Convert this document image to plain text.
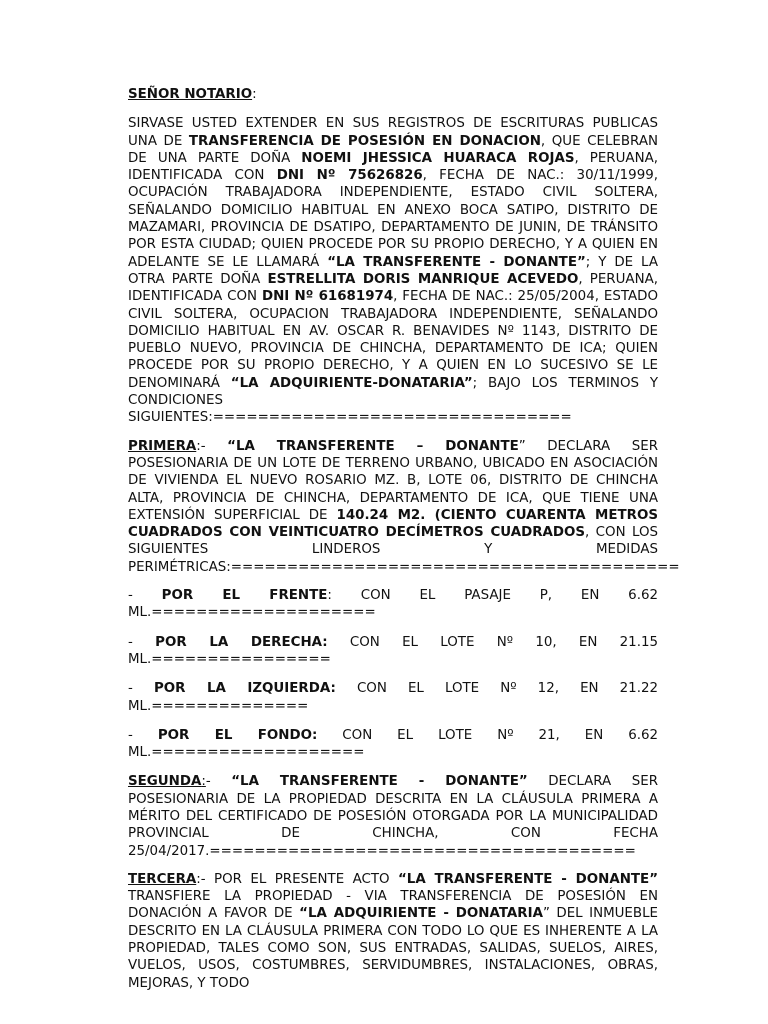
SEÑOR NOTARIO:

SIRVASE USTED EXTENDER EN SUS REGISTROS DE ESCRITURAS PUBLICAS UNA DE TRANSFERENCIA DE POSESIÓN EN DONACION, QUE CELEBRAN DE UNA PARTE DOÑA NOEMI JHESSICA HUARACA ROJAS, PERUANA, IDENTIFICADA CON DNI Nº 75626826, FECHA DE NAC.: 30/11/1999, OCUPACIÓN TRABAJADORA INDEPENDIENTE, ESTADO CIVIL SOLTERA, SEÑALANDO DOMICILIO HABITUAL EN ANEXO BOCA SATIPO, DISTRITO DE MAZAMARI, PROVINCIA DE DSATIPO, DEPARTAMENTO DE JUNIN, DE TRÁNSITO POR ESTA CIUDAD; QUIEN PROCEDE POR SU PROPIO DERECHO, Y A QUIEN EN ADELANTE SE LE LLAMARÁ “LA TRANSFERENTE - DONANTE”; Y DE LA OTRA PARTE DOÑA ESTRELLITA DORIS MANRIQUE ACEVEDO, PERUANA, IDENTIFICADA CON DNI Nº 61681974, FECHA DE NAC.: 25/05/2004, ESTADO CIVIL SOLTERA, OCUPACION TRABAJADORA INDEPENDIENTE, SEÑALANDO DOMICILIO HABITUAL EN AV. OSCAR R. BENAVIDES Nº 1143, DISTRITO DE PUEBLO NUEVO, PROVINCIA DE CHINCHA, DEPARTAMENTO DE ICA; QUIEN PROCEDE POR SU PROPIO DERECHO, Y A QUIEN EN LO SUCESIVO SE LE DENOMINARÁ “LA ADQUIRIENTE-DONATARIA”; BAJO LOS TERMINOS Y CONDICIONES SIGUIENTES:================================

PRIMERA:- “LA TRANSFERENTE – DONANTE” DECLARA SER POSESIONARIA DE UN LOTE DE TERRENO URBANO, UBICADO EN ASOCIACIÓN DE VIVIENDA EL NUEVO ROSARIO MZ. B, LOTE 06, DISTRITO DE CHINCHA ALTA, PROVINCIA DE CHINCHA, DEPARTAMENTO DE ICA, QUE TIENE UNA EXTENSIÓN SUPERFICIAL DE 140.24 M2. (CIENTO CUARENTA METROS CUADRADOS CON VEINTICUATRO DECÍMETROS CUADRADOS, CON LOS SIGUIENTES LINDEROS Y MEDIDAS PERIMÉTRICAS:========================================

- POR EL FRENTE: CON EL PASAJE P, EN 6.62 ML.====================

- POR LA DERECHA: CON EL LOTE Nº 10, EN 21.15 ML.================

- POR LA IZQUIERDA: CON EL LOTE Nº 12, EN 21.22 ML.==============

- POR EL FONDO: CON EL LOTE Nº 21, EN 6.62 ML.===================

SEGUNDA:- “LA TRANSFERENTE - DONANTE” DECLARA SER POSESIONARIA DE LA PROPIEDAD DESCRITA EN LA CLÁUSULA PRIMERA A MÉRITO DEL CERTIFICADO DE POSESIÓN OTORGADA POR LA MUNICIPALIDAD PROVINCIAL DE CHINCHA, CON FECHA 25/04/2017.======================================

TERCERA:- POR EL PRESENTE ACTO “LA TRANSFERENTE - DONANTE” TRANSFIERE LA PROPIEDAD - VIA TRANSFERENCIA DE POSESIÓN EN DONACIÓN A FAVOR DE “LA ADQUIRIENTE - DONATARIA” DEL INMUEBLE DESCRITO EN LA CLÁUSULA PRIMERA CON TODO LO QUE ES INHERENTE A LA PROPIEDAD, TALES COMO SON, SUS ENTRADAS, SALIDAS, SUELOS, AIRES, VUELOS, USOS, COSTUMBRES, SERVIDUMBRES, INSTALACIONES, OBRAS, MEJORAS, Y TODO
